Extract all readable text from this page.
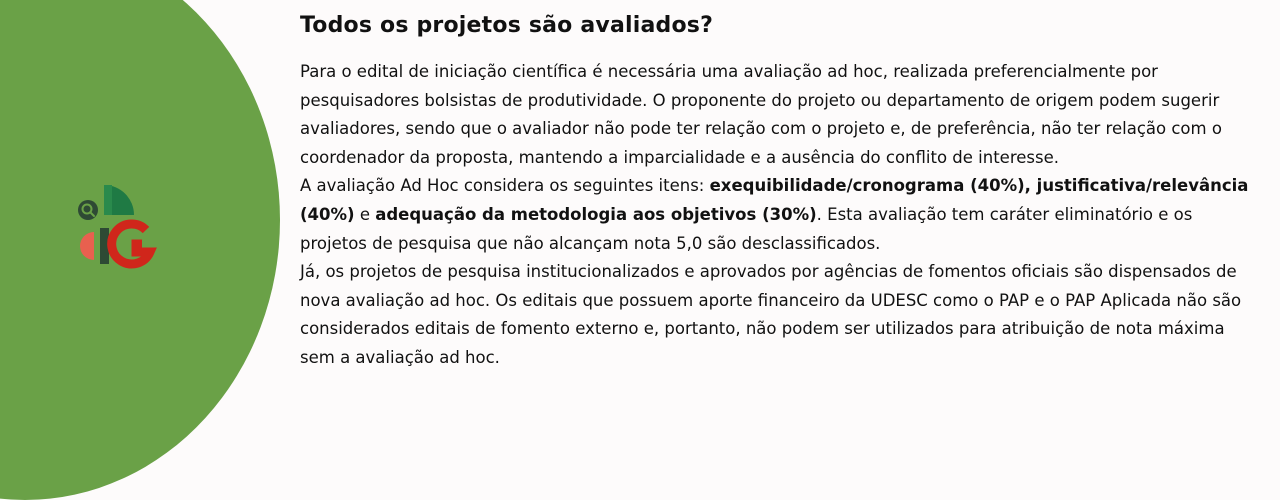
Todos os projetos são avaliados?

Para o edital de iniciação científica é necessária uma avaliação ad hoc, realizada preferencialmente por pesquisadores bolsistas de produtividade. O proponente do projeto ou departamento de origem podem sugerir avaliadores, sendo que o avaliador não pode ter relação com o projeto e, de preferência, não ter relação com o coordenador da proposta, mantendo a imparcialidade e a ausência do conflito de interesse.

A avaliação Ad Hoc considera os seguintes itens: exequibilidade/cronograma (40%), justificativa/relevância (40%) e adequação da metodologia aos objetivos (30%). Esta avaliação tem caráter eliminatório e os projetos de pesquisa que não alcançam nota 5,0 são desclassificados.

Já, os projetos de pesquisa institucionalizados e aprovados por agências de fomentos oficiais são dispensados de nova avaliação ad hoc. Os editais que possuem aporte financeiro da UDESC como o PAP e o PAP Aplicada não são considerados editais de fomento externo e, portanto, não podem ser utilizados para atribuição de nota máxima sem a avaliação ad hoc.
